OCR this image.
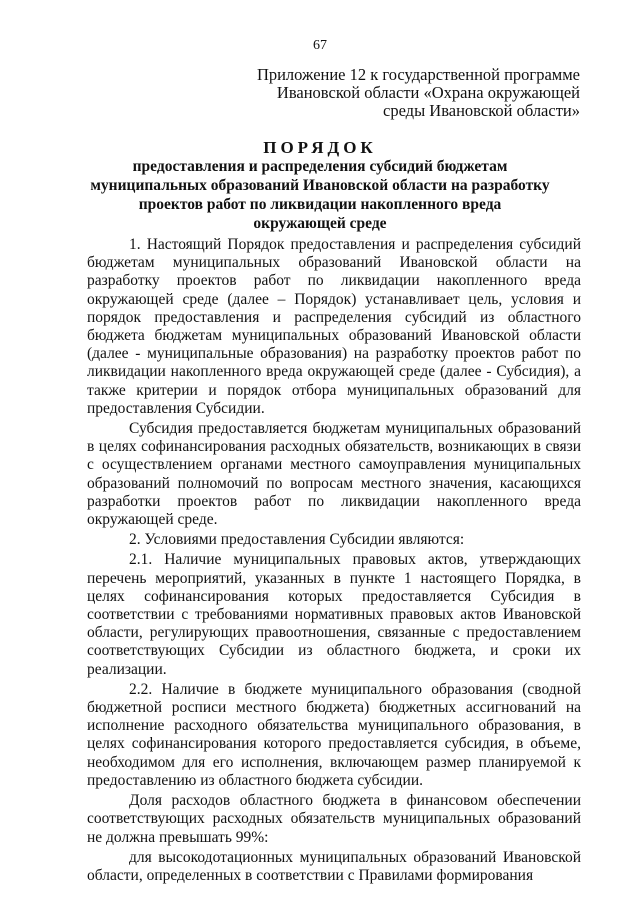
67
Приложение 12 к государственной программе
Ивановской области «Охрана окружающей
среды Ивановской области»
ПОРЯДОК
предоставления и распределения субсидий бюджетам
муниципальных образований Ивановской области на разработку
проектов работ по ликвидации накопленного вреда
окружающей среде

1. Настоящий Порядок предоставления и распределения субсидий бюджетам муниципальных образований Ивановской области на разработку проектов работ по ликвидации накопленного вреда окружающей среде (далее – Порядок) устанавливает цель, условия и порядок предоставления и распределения субсидий из областного бюджета бюджетам муниципальных образований Ивановской области (далее - муниципальные образования) на разработку проектов работ по ликвидации накопленного вреда окружающей среде (далее - Субсидия), а также критерии и порядок отбора муниципальных образований для предоставления Субсидии.

Субсидия предоставляется бюджетам муниципальных образований в целях софинансирования расходных обязательств, возникающих в связи с осуществлением органами местного самоуправления муниципальных образований полномочий по вопросам местного значения, касающихся разработки проектов работ по ликвидации накопленного вреда окружающей среде.

2. Условиями предоставления Субсидии являются:

2.1. Наличие муниципальных правовых актов, утверждающих перечень мероприятий, указанных в пункте 1 настоящего Порядка, в целях софинансирования которых предоставляется Субсидия в соответствии с требованиями нормативных правовых актов Ивановской области, регулирующих правоотношения, связанные с предоставлением соответствующих Субсидии из областного бюджета, и сроки их реализации.

2.2. Наличие в бюджете муниципального образования (сводной бюджетной росписи местного бюджета) бюджетных ассигнований на исполнение расходного обязательства муниципального образования, в целях софинансирования которого предоставляется субсидия, в объеме, необходимом для его исполнения, включающем размер планируемой к предоставлению из областного бюджета субсидии.

Доля расходов областного бюджета в финансовом обеспечении соответствующих расходных обязательств муниципальных образований не должна превышать 99%:

для высокодотационных муниципальных образований Ивановской области, определенных в соответствии с Правилами формирования
